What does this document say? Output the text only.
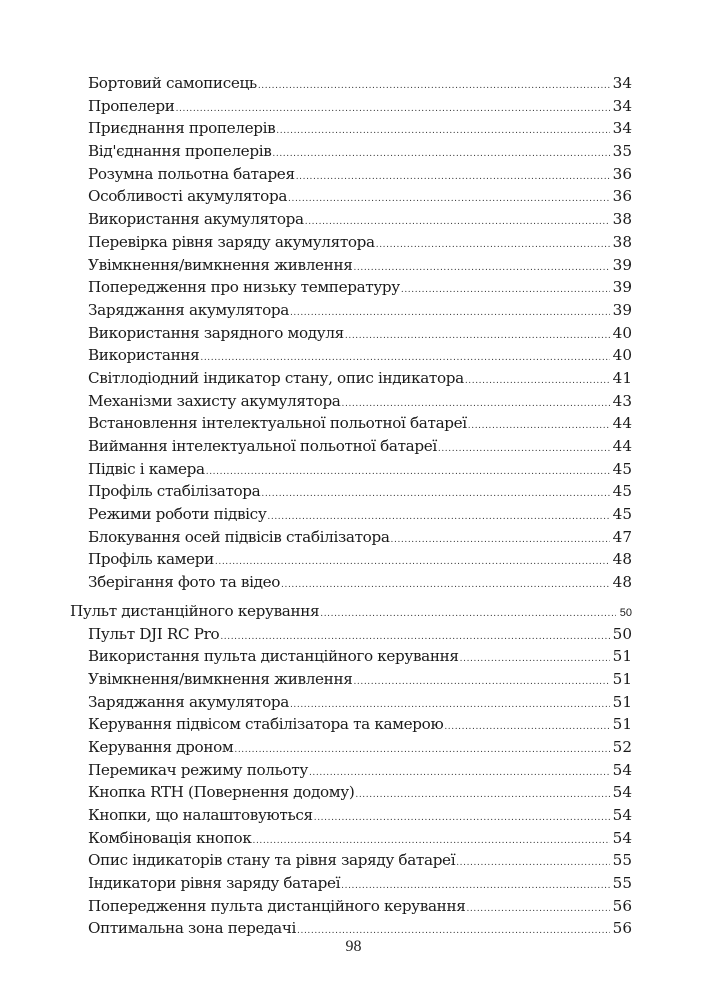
Бортовий самописець .....	34
Пропелери .....	34
Приєднання пропелерів .....	34
Від'єднання пропелерів .....	35
Розумна польотна батарея .....	36
Особливості акумулятора .....	36
Використання акумулятора .....	38
Перевірка рівня заряду акумулятора .....	38
Увімкнення/вимкнення живлення .....	39
Попередження про низьку температуру .....	39
Заряджання акумулятора .....	39
Використання зарядного модуля .....	40
Використання .....	40
Світлодіодний індикатор стану, опис індикатора .....	41
Механізми захисту акумулятора .....	43
Встановлення інтелектуальної польотної батареї .....	44
Виймання інтелектуальної польотної батареї .....	44
Підвіс і камера .....	45
Профіль стабілізатора .....	45
Режими роботи підвісу .....	45
Блокування осей підвісів стабілізатора .....	47
Профіль камери .....	48
Зберігання фото та відео .....	48
Пульт дистанційного керування .....	50
Пульт DJI RC Pro .....	50
Використання пульта дистанційного керування .....	51
Увімкнення/вимкнення живлення .....	51
Заряджання акумулятора .....	51
Керування підвісом стабілізатора та камерою .....	51
Керування дроном .....	52
Перемикач режиму польоту .....	54
Кнопка RTH (Повернення додому) .....	54
Кнопки, що налаштовуються .....	54
Комбіновація кнопок .....	54
Опис індикаторів стану та рівня заряду батареї .....	55
Індикатори рівня заряду батареї .....	55
Попередження пульта дистанційного керування .....	56
Оптимальна зона передачі .....	56
98
